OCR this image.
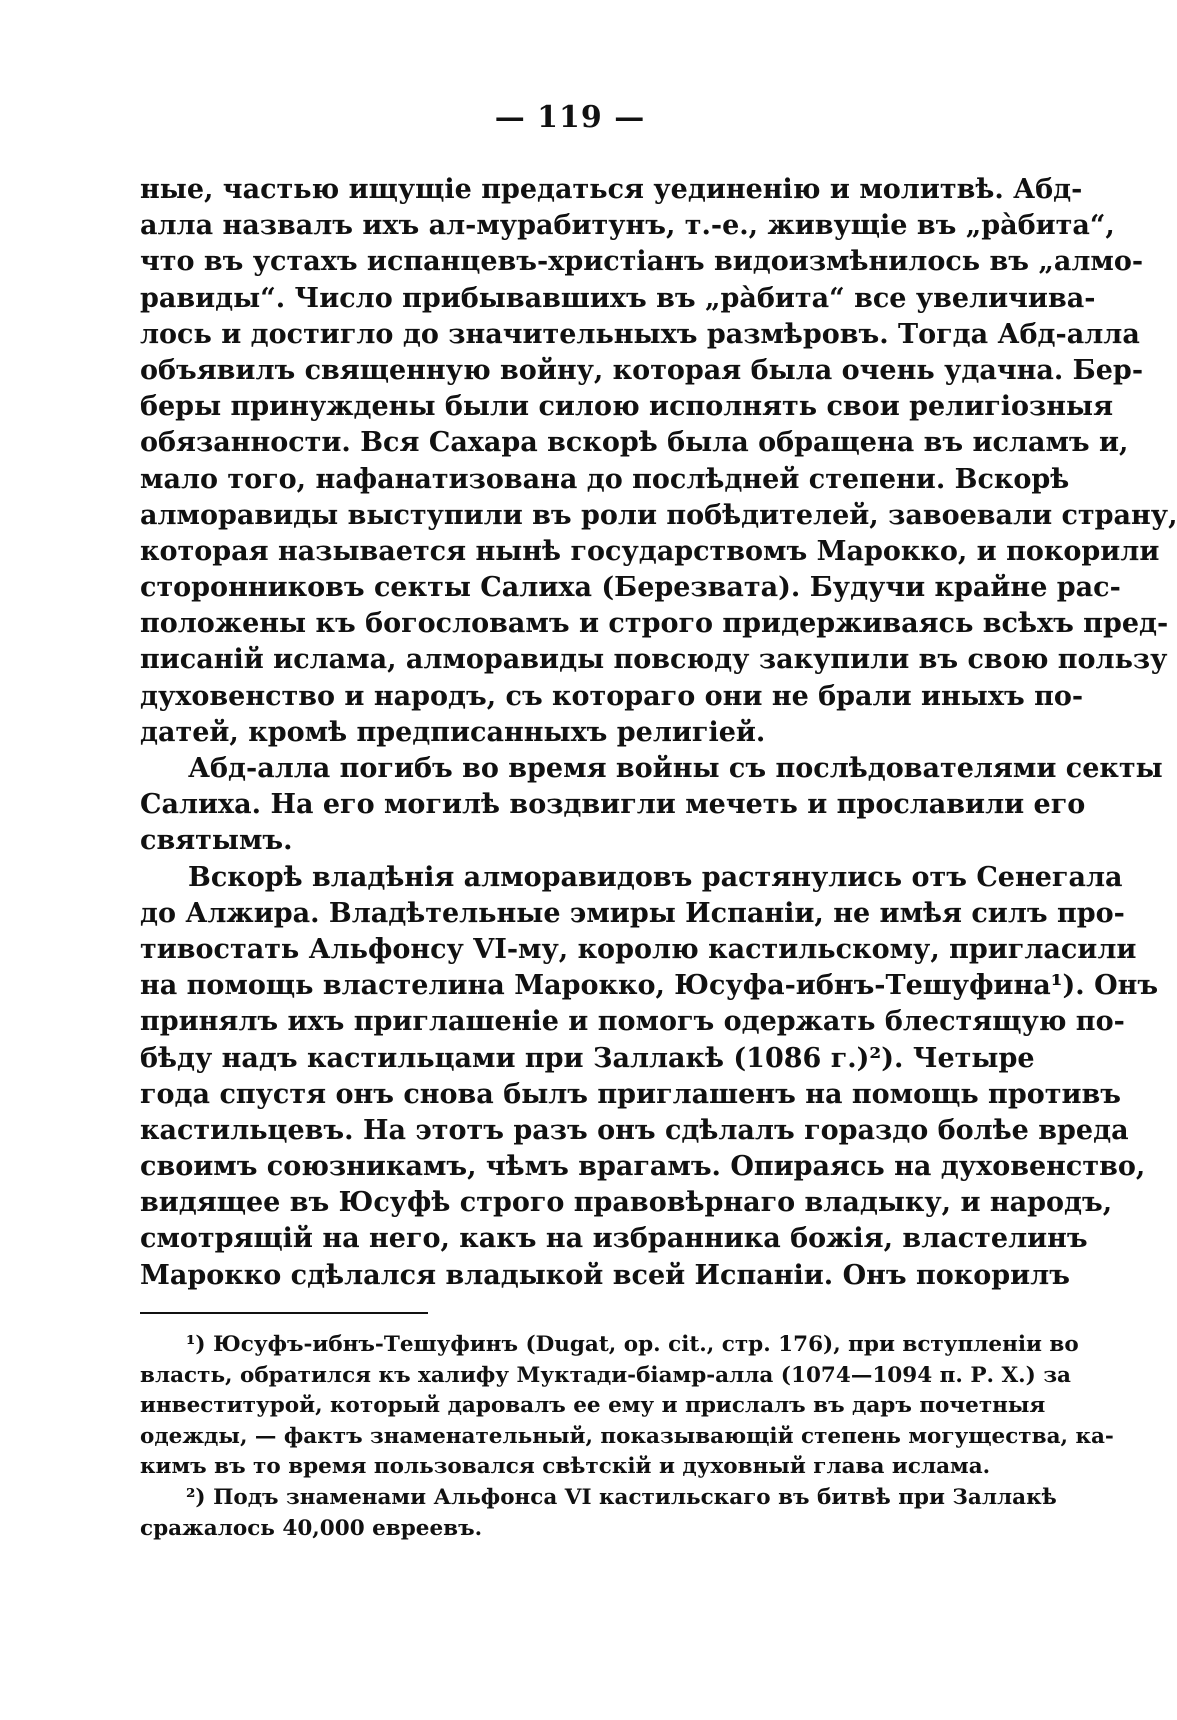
— 119 —
ные, частью ищущіе предаться уединенію и молитвѣ. Абд-
алла назвалъ ихъ ал-мурабитунъ, т.-е., живущіе въ „рàбита“,
что въ устахъ испанцевъ-христіанъ видоизмѣнилось въ „алмо-
равиды“. Число прибывавшихъ въ „рàбита“ все увеличива-
лось и достигло до значительныхъ размѣровъ. Тогда Абд-алла
объявилъ священную войну, которая была очень удачна. Бер-
беры принуждены были силою исполнять свои религіозныя
обязанности. Вся Сахара вскорѣ была обращена въ исламъ и,
мало того, нафанатизована до послѣдней степени. Вскорѣ
алморавиды выступили въ роли побѣдителей, завоевали страну,
которая называется нынѣ государствомъ Марокко, и покорили
сторонниковъ секты Салиха (Березвата). Будучи крайне рас-
положены къ богословамъ и строго придерживаясь всѣхъ пред-
писаній ислама, алморавиды повсюду закупили въ свою пользу
духовенство и народъ, съ котораго они не брали иныхъ по-
датей, кромѣ предписанныхъ религіей.
Абд-алла погибъ во время войны съ послѣдователями секты
Салиха. На его могилѣ воздвигли мечеть и прославили его
святымъ.
Вскорѣ владѣнія алморавидовъ растянулись отъ Сенегала
до Алжира. Владѣтельные эмиры Испаніи, не имѣя силъ про-
тивостать Альфонсу VI-му, королю кастильскому, пригласили
на помощь властелина Марокко, Юсуфа-ибнъ-Тешуфина¹). Онъ
принялъ ихъ приглашеніе и помогъ одержать блестящую по-
бѣду надъ кастильцами при Заллакѣ (1086 г.)²). Четыре
года спустя онъ снова былъ приглашенъ на помощь противъ
кастильцевъ. На этотъ разъ онъ сдѣлалъ гораздо болѣе вреда
своимъ союзникамъ, чѣмъ врагамъ. Опираясь на духовенство,
видящее въ Юсуфѣ строго правовѣрнаго владыку, и народъ,
смотрящій на него, какъ на избранника божія, властелинъ
Марокко сдѣлался владыкой всей Испаніи. Онъ покорилъ
¹) Юсуфъ-ибнъ-Тешуфинъ (Dugat, op. cit., стр. 176), при вступленіи во
власть, обратился къ халифу Муктади-біамр-алла (1074—1094 п. Р. Х.) за
инвеститурой, который даровалъ ее ему и прислалъ въ даръ почетныя
одежды, — фактъ знаменательный, показывающій степень могущества, ка-
кимъ въ то время пользовался свѣтскій и духовный глава ислама.
²) Подъ знаменами Альфонса VI кастильскаго въ битвѣ при Заллакѣ
сражалось 40,000 евреевъ.
